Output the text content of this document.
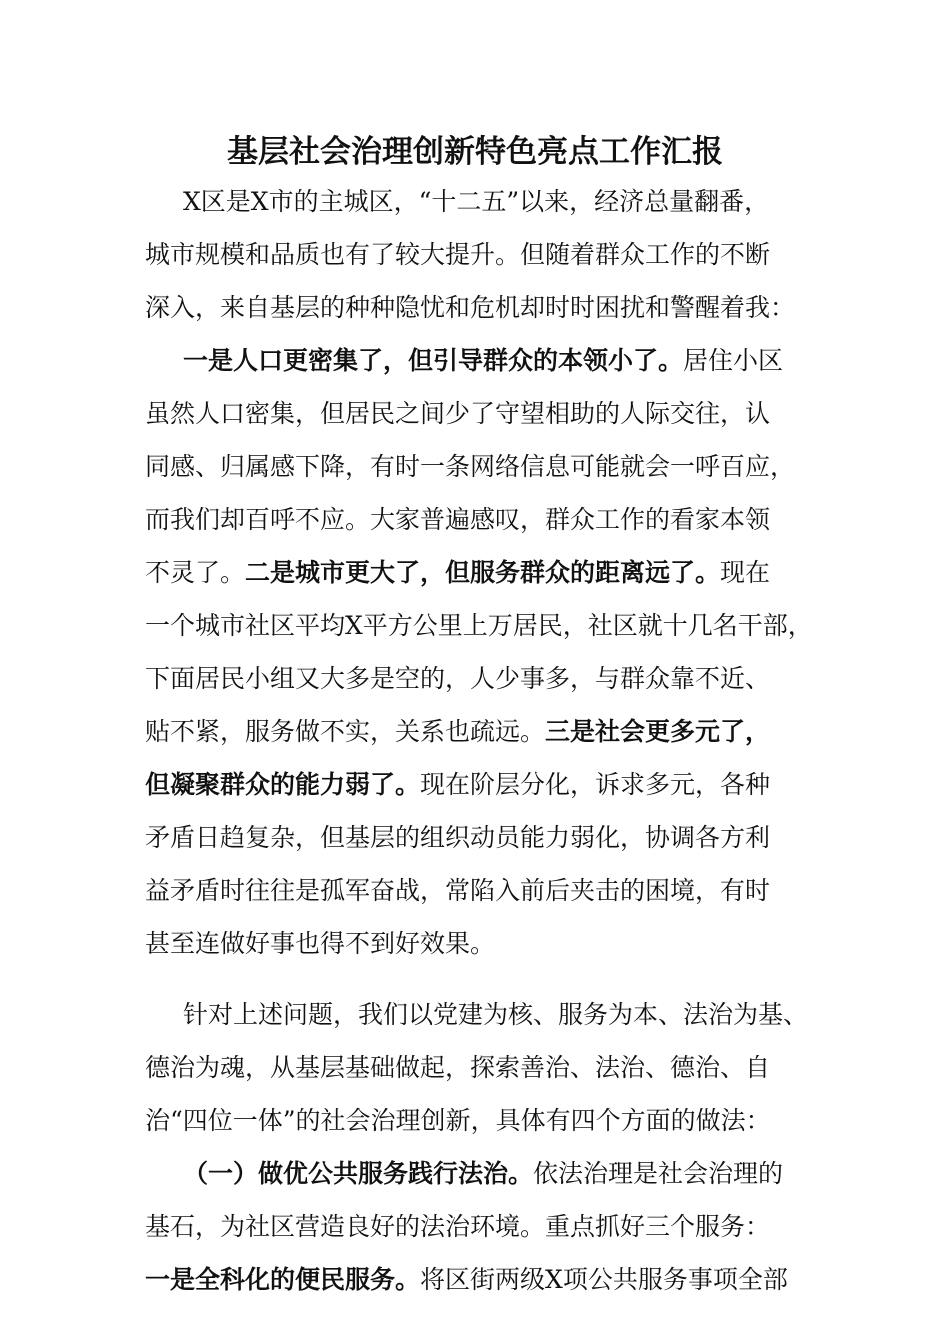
基层社会治理创新特色亮点工作汇报
X区是X市的主城区，“十二五”以来，经济总量翻番，
城市规模和品质也有了较大提升。但随着群众工作的不断
深入，来自基层的种种隐忧和危机却时时困扰和警醒着我：
一是人口更密集了，但引导群众的本领小了。居住小区
虽然人口密集，但居民之间少了守望相助的人际交往，认
同感、归属感下降，有时一条网络信息可能就会一呼百应，
而我们却百呼不应。大家普遍感叹，群众工作的看家本领
不灵了。二是城市更大了，但服务群众的距离远了。现在
一个城市社区平均X平方公里上万居民，社区就十几名干部，
下面居民小组又大多是空的，人少事多，与群众靠不近、
贴不紧，服务做不实，关系也疏远。三是社会更多元了，
但凝聚群众的能力弱了。现在阶层分化，诉求多元，各种
矛盾日趋复杂，但基层的组织动员能力弱化，协调各方利
益矛盾时往往是孤军奋战，常陷入前后夹击的困境，有时
甚至连做好事也得不到好效果。
针对上述问题，我们以党建为核、服务为本、法治为基、
德治为魂，从基层基础做起，探索善治、法治、德治、自
治“四位一体”的社会治理创新，具体有四个方面的做法：
（一）做优公共服务践行法治。依法治理是社会治理的
基石，为社区营造良好的法治环境。重点抓好三个服务：
一是全科化的便民服务。将区街两级X项公共服务事项全部
